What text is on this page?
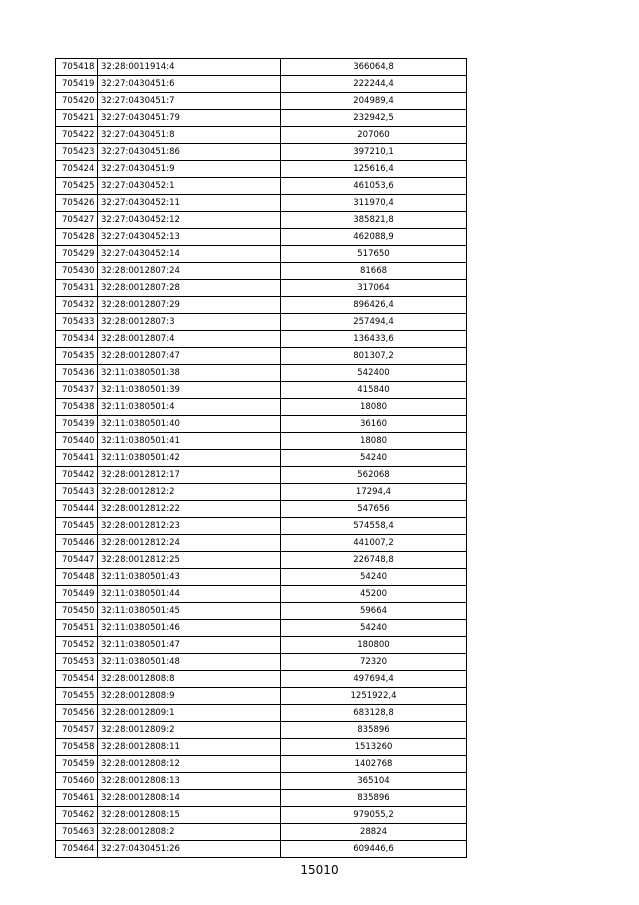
705418	32:28:0011914:4	366064,8
705419	32:27:0430451:6	222244,4
705420	32:27:0430451:7	204989,4
705421	32:27:0430451:79	232942,5
705422	32:27:0430451:8	207060
705423	32:27:0430451:86	397210,1
705424	32:27:0430451:9	125616,4
705425	32:27:0430452:1	461053,6
705426	32:27:0430452:11	311970,4
705427	32:27:0430452:12	385821,8
705428	32:27:0430452:13	462088,9
705429	32:27:0430452:14	517650
705430	32:28:0012807:24	81668
705431	32:28:0012807:28	317064
705432	32:28:0012807:29	896426,4
705433	32:28:0012807:3	257494,4
705434	32:28:0012807:4	136433,6
705435	32:28:0012807:47	801307,2
705436	32:11:0380501:38	542400
705437	32:11:0380501:39	415840
705438	32:11:0380501:4	18080
705439	32:11:0380501:40	36160
705440	32:11:0380501:41	18080
705441	32:11:0380501:42	54240
705442	32:28:0012812:17	562068
705443	32:28:0012812:2	17294,4
705444	32:28:0012812:22	547656
705445	32:28:0012812:23	574558,4
705446	32:28:0012812:24	441007,2
705447	32:28:0012812:25	226748,8
705448	32:11:0380501:43	54240
705449	32:11:0380501:44	45200
705450	32:11:0380501:45	59664
705451	32:11:0380501:46	54240
705452	32:11:0380501:47	180800
705453	32:11:0380501:48	72320
705454	32:28:0012808:8	497694,4
705455	32:28:0012808:9	1251922,4
705456	32:28:0012809:1	683128,8
705457	32:28:0012809:2	835896
705458	32:28:0012808:11	1513260
705459	32:28:0012808:12	1402768
705460	32:28:0012808:13	365104
705461	32:28:0012808:14	835896
705462	32:28:0012808:15	979055,2
705463	32:28:0012808:2	28824
705464	32:27:0430451:26	609446,6
15010
